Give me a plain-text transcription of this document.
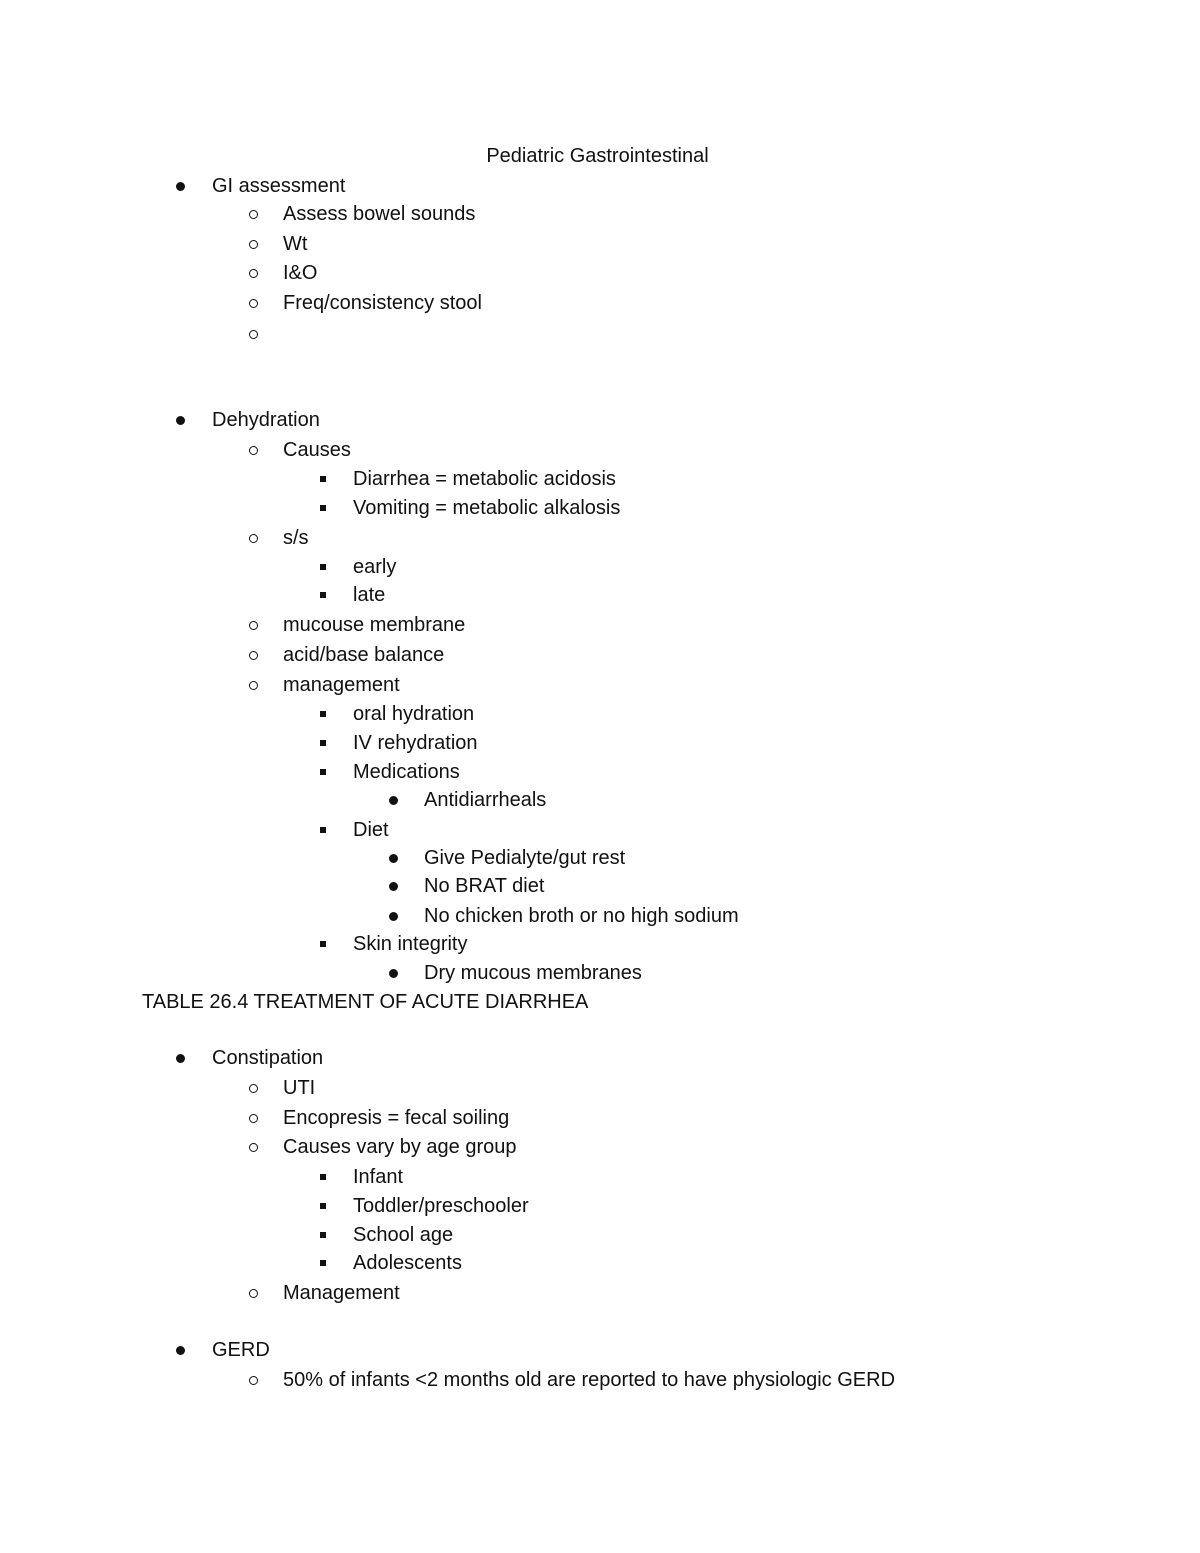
Pediatric Gastrointestinal
GI assessment
Assess bowel sounds
Wt
I&O
Freq/consistency stool
Dehydration
Causes
Diarrhea = metabolic acidosis
Vomiting = metabolic alkalosis
s/s
early
late
mucouse membrane
acid/base balance
management
oral hydration
IV rehydration
Medications
Antidiarrheals
Diet
Give Pedialyte/gut rest
No BRAT diet
No chicken broth or no high sodium
Skin integrity
Dry mucous membranes
TABLE 26.4 TREATMENT OF ACUTE DIARRHEA
Constipation
UTI
Encopresis = fecal soiling
Causes vary by age group
Infant
Toddler/preschooler
School age
Adolescents
Management
GERD
50% of infants <2 months old are reported to have physiologic GERD
